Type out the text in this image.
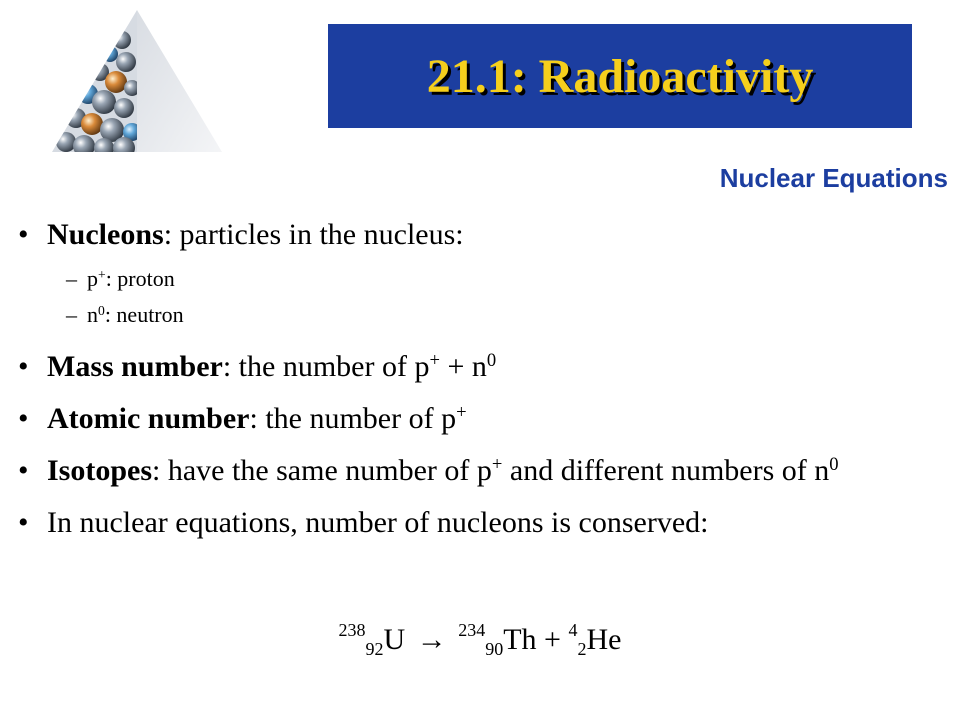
21.1: Radioactivity
Nuclear Equations
• Nucleons: particles in the nucleus:
– p+: proton
– $n^0$: neutron
• Mass number: the number of $p^+ + n^0$
• Atomic number: the number of p+
• Isotopes: have the same number of p+ and different numbers of $n^0$
• In nuclear equations, number of nucleons is conserved:
$^{238}_{92}$U → $^{234}_{90}$Th + $^4_2$He
